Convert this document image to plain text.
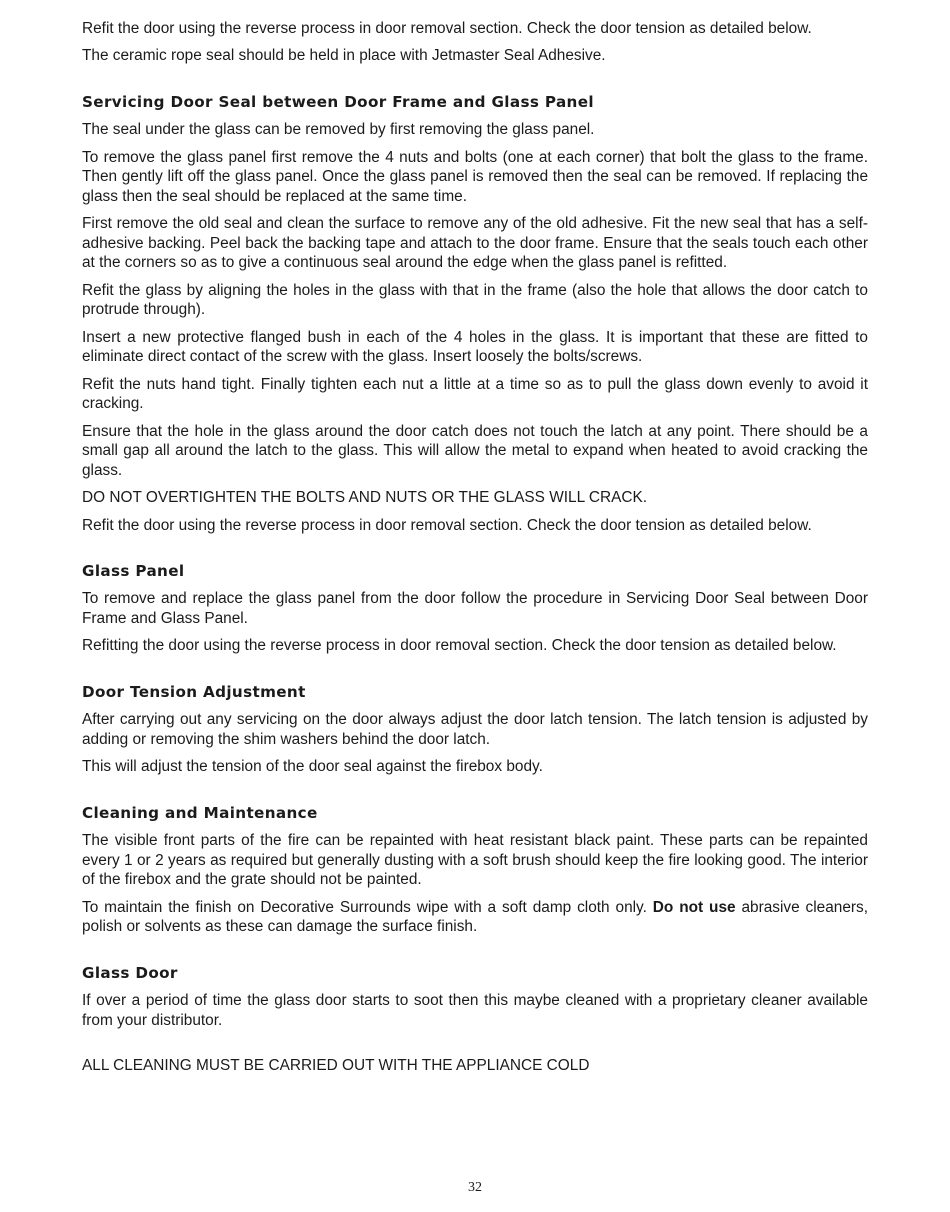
Refit the door using the reverse process in door removal section. Check the door tension as detailed below.

The ceramic rope seal should be held in place with Jetmaster Seal Adhesive.

Servicing Door Seal between Door Frame and Glass Panel

The seal under the glass can be removed by first removing the glass panel.

To remove the glass panel first remove the 4 nuts and bolts (one at each corner) that bolt the glass to the frame. Then gently lift off the glass panel. Once the glass panel is removed then the seal can be removed. If replacing the glass then the seal should be replaced at the same time.

First remove the old seal and clean the surface to remove any of the old adhesive. Fit the new seal that has a self-adhesive backing. Peel back the backing tape and attach to the door frame. Ensure that the seals touch each other at the corners so as to give a continuous seal around the edge when the glass panel is refitted.

Refit the glass by aligning the holes in the glass with that in the frame (also the hole that allows the door catch to protrude through).

Insert a new protective flanged bush in each of the 4 holes in the glass. It is important that these are fitted to eliminate direct contact of the screw with the glass. Insert loosely the bolts/screws.

Refit the nuts hand tight. Finally tighten each nut a little at a time so as to pull the glass down evenly to avoid it cracking.

Ensure that the hole in the glass around the door catch does not touch the latch at any point. There should be a small gap all around the latch to the glass. This will allow the metal to expand when heated to avoid cracking the glass.

DO NOT OVERTIGHTEN THE BOLTS AND NUTS OR THE GLASS WILL CRACK.

Refit the door using the reverse process in door removal section. Check the door tension as detailed below.

Glass Panel

To remove and replace the glass panel from the door follow the procedure in Servicing Door Seal between Door Frame and Glass Panel.

Refitting the door using the reverse process in door removal section. Check the door tension as detailed below.

Door Tension Adjustment

After carrying out any servicing on the door always adjust the door latch tension. The latch tension is adjusted by adding or removing the shim washers behind the door latch.

This will adjust the tension of the door seal against the firebox body.

Cleaning and Maintenance

The visible front parts of the fire can be repainted with heat resistant black paint. These parts can be repainted every 1 or 2 years as required but generally dusting with a soft brush should keep the fire looking good. The interior of the firebox and the grate should not be painted.

To maintain the finish on Decorative Surrounds wipe with a soft damp cloth only. Do not use abrasive cleaners, polish or solvents as these can damage the surface finish.

Glass Door

If over a period of time the glass door starts to soot then this maybe cleaned with a proprietary cleaner available from your distributor.

ALL CLEANING MUST BE CARRIED OUT WITH THE APPLIANCE COLD

32
